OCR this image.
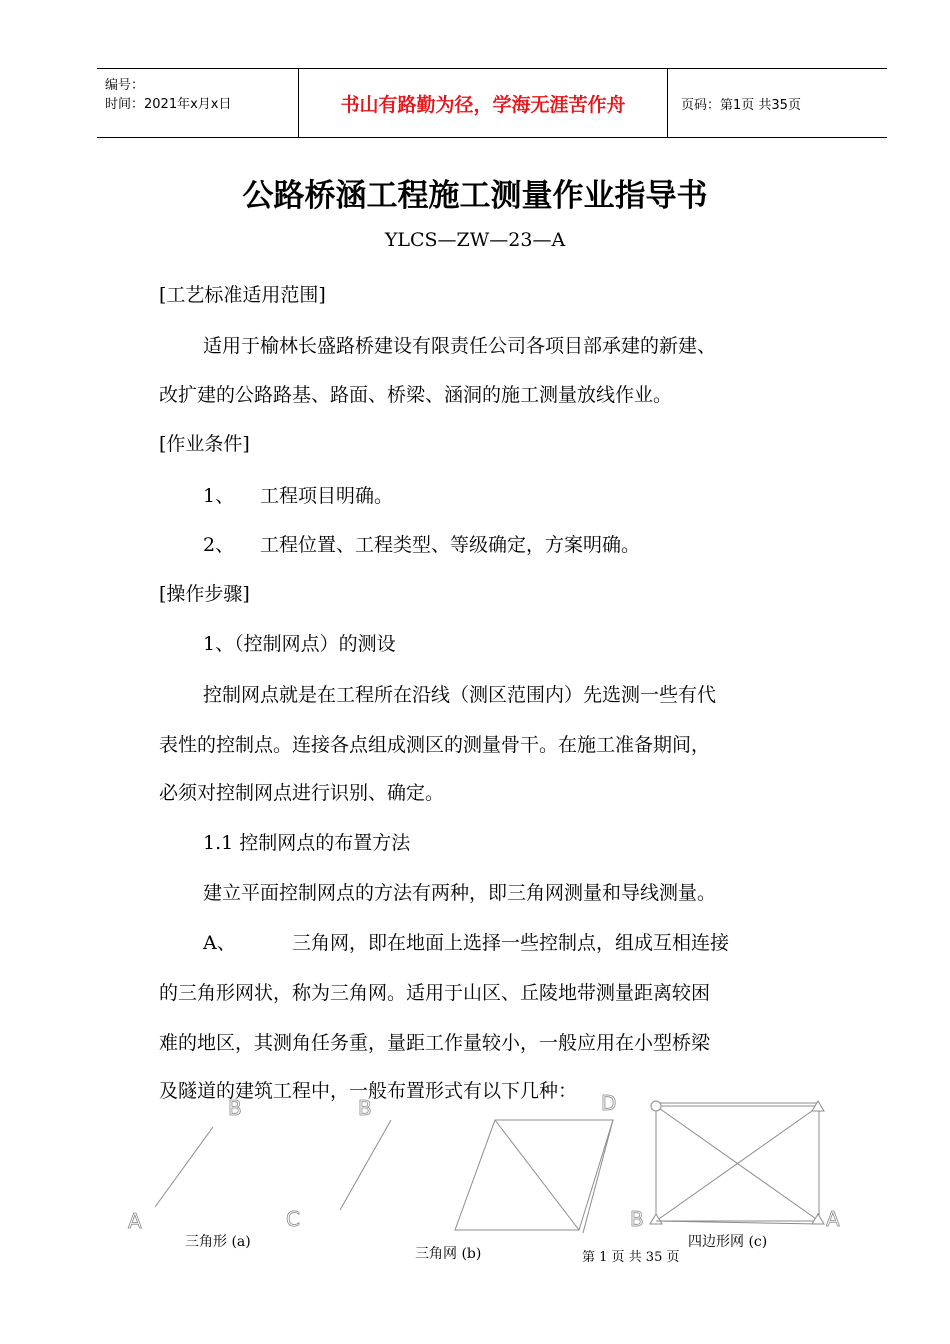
编号：
时间：2021年x月x日	书山有路勤为径，学海无涯苦作舟	页码：第1页 共35页
公路桥涵工程施工测量作业指导书
YLCS—ZW—23—A
[工艺标准适用范围]
适用于榆林长盛路桥建设有限责任公司各项目部承建的新建、
改扩建的公路路基、路面、桥梁、涵洞的施工测量放线作业。
[作业条件]
1、 工程项目明确。
2、 工程位置、工程类型、等级确定，方案明确。
[操作步骤]
1、（控制网点）的测设
控制网点就是在工程所在沿线（测区范围内）先选测一些有代
表性的控制点。连接各点组成测区的测量骨干。在施工准备期间，
必须对控制网点进行识别、确定。
1.1 控制网点的布置方法
建立平面控制网点的方法有两种，即三角网测量和导线测量。
A、	三角网，即在地面上选择一些控制点，组成互相连接
的三角形网状，称为三角网。适用于山区、丘陵地带测量距离较困
难的地区，其测角任务重，量距工作量较小，一般应用在小型桥梁
及隧道的建筑工程中，一般布置形式有以下几种：
B
A
B
C
D
B	A
三角形 (a)
三角网 (b)
四边形网 (c)
第 1 页 共 35 页
